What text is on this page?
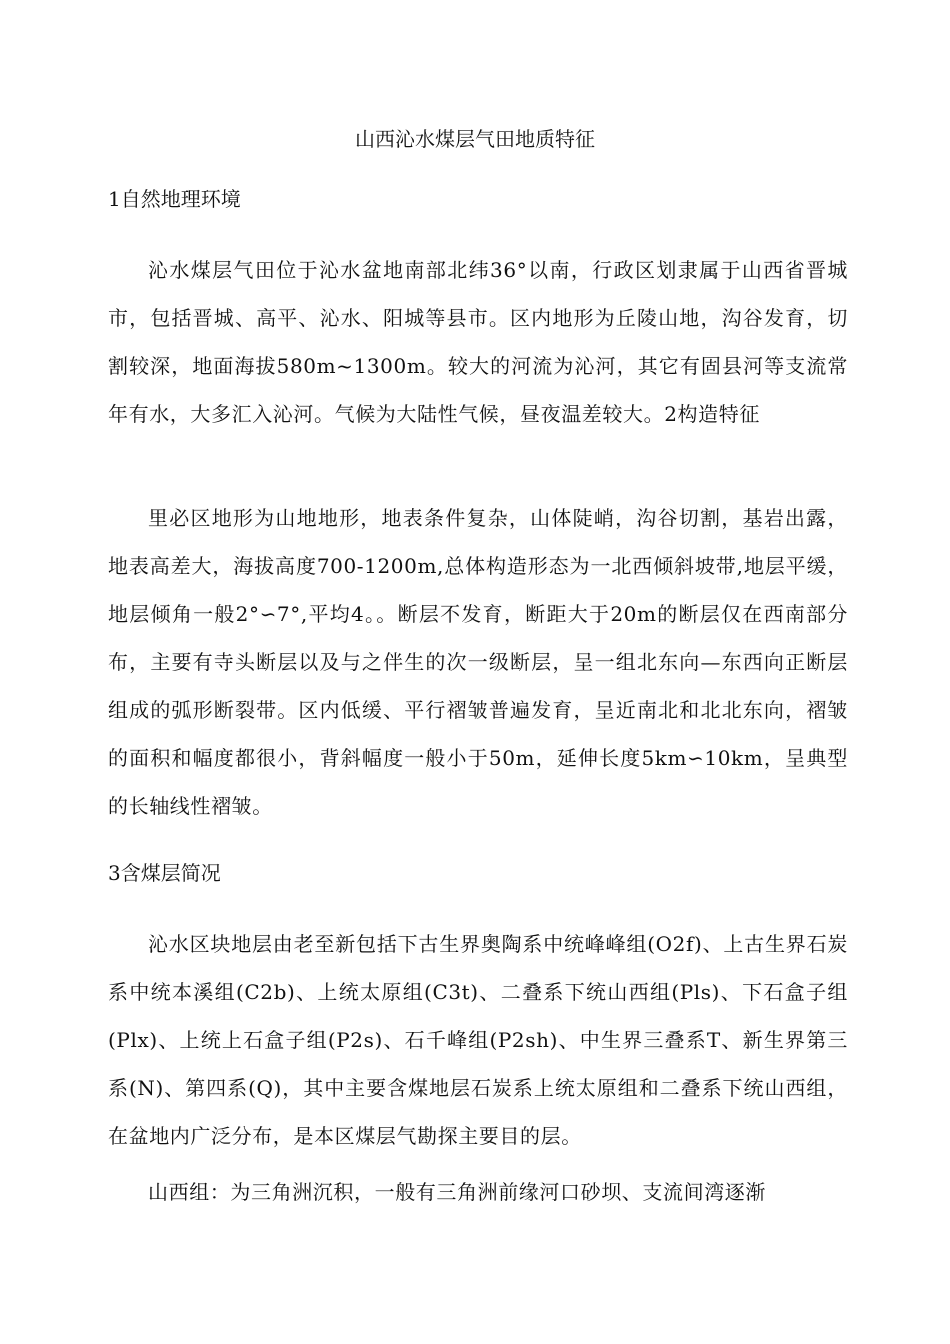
山西沁水煤层气田地质特征
1自然地理环境

沁水煤层气田位于沁水盆地南部北纬36°以南，行政区划隶属于山西省晋城市，包括晋城、高平、沁水、阳城等县市。区内地形为丘陵山地，沟谷发育，切割较深，地面海拔580m~1300m。较大的河流为沁河，其它有固县河等支流常年有水，大多汇入沁河。气候为大陆性气候，昼夜温差较大。2构造特征

里必区地形为山地地形，地表条件复杂，山体陡峭，沟谷切割，基岩出露，地表高差大，海拔高度700-1200m,总体构造形态为一北西倾斜坡带,地层平缓，地层倾角一般2°∽7°,平均4。。断层不发育，断距大于20m的断层仅在西南部分布，主要有寺头断层以及与之伴生的次一级断层，呈一组北东向—东西向正断层组成的弧形断裂带。区内低缓、平行褶皱普遍发育，呈近南北和北北东向，褶皱的面积和幅度都很小，背斜幅度一般小于50m，延伸长度5km∽10km，呈典型的长轴线性褶皱。

3含煤层简况

沁水区块地层由老至新包括下古生界奥陶系中统峰峰组(O2f)、上古生界石炭系中统本溪组(C2b)、上统太原组(C3t)、二叠系下统山西组(Pls)、下石盒子组(Plx)、上统上石盒子组(P2s)、石千峰组(P2sh)、中生界三叠系T、新生界第三系(N)、第四系(Q)，其中主要含煤地层石炭系上统太原组和二叠系下统山西组，在盆地内广泛分布，是本区煤层气勘探主要目的层。

山西组：为三角洲沉积，一般有三角洲前缘河口砂坝、支流间湾逐渐
